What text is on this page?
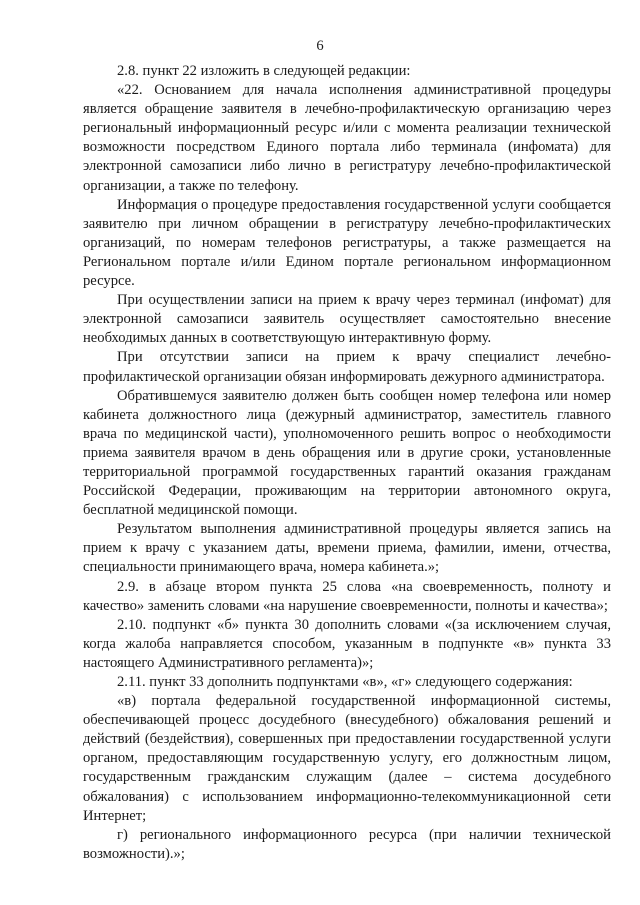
6

2.8. пункт 22 изложить в следующей редакции:

«22. Основанием для начала исполнения административной процедуры является обращение заявителя в лечебно-профилактическую организацию через региональный информационный ресурс и/или с момента реализации технической возможности посредством Единого портала либо терминала (инфомата) для электронной самозаписи либо лично в регистратуру лечебно-профилактической организации, а также по телефону.

Информация о процедуре предоставления государственной услуги сообщается заявителю при личном обращении в регистратуру лечебно-профилактических организаций, по номерам телефонов регистратуры, а также размещается на Региональном портале и/или Едином портале региональном информационном ресурсе.

При осуществлении записи на прием к врачу через терминал (инфомат) для электронной самозаписи заявитель осуществляет самостоятельно внесение необходимых данных в соответствующую интерактивную форму.

При отсутствии записи на прием к врачу специалист лечебно-профилактической организации обязан информировать дежурного администратора.

Обратившемуся заявителю должен быть сообщен номер телефона или номер кабинета должностного лица (дежурный администратор, заместитель главного врача по медицинской части), уполномоченного решить вопрос о необходимости приема заявителя врачом в день обращения или в другие сроки, установленные территориальной программой государственных гарантий оказания гражданам Российской Федерации, проживающим на территории автономного округа, бесплатной медицинской помощи.

Результатом выполнения административной процедуры является запись на прием к врачу с указанием даты, времени приема, фамилии, имени, отчества, специальности принимающего врача, номера кабинета.»;

2.9. в абзаце втором пункта 25 слова «на своевременность, полноту и качество» заменить словами «на нарушение своевременности, полноты и качества»;

2.10. подпункт «б» пункта 30 дополнить словами «(за исключением случая, когда жалоба направляется способом, указанным в подпункте «в» пункта 33 настоящего Административного регламента)»;

2.11. пункт 33 дополнить подпунктами «в», «г» следующего содержания:

«в) портала федеральной государственной информационной системы, обеспечивающей процесс досудебного (внесудебного) обжалования решений и действий (бездействия), совершенных при предоставлении государственной услуги органом, предоставляющим государственную услугу, его должностным лицом, государственным гражданским служащим (далее – система досудебного обжалования) с использованием информационно-телекоммуникационной сети Интернет;

г) регионального информационного ресурса (при наличии технической возможности).»;
